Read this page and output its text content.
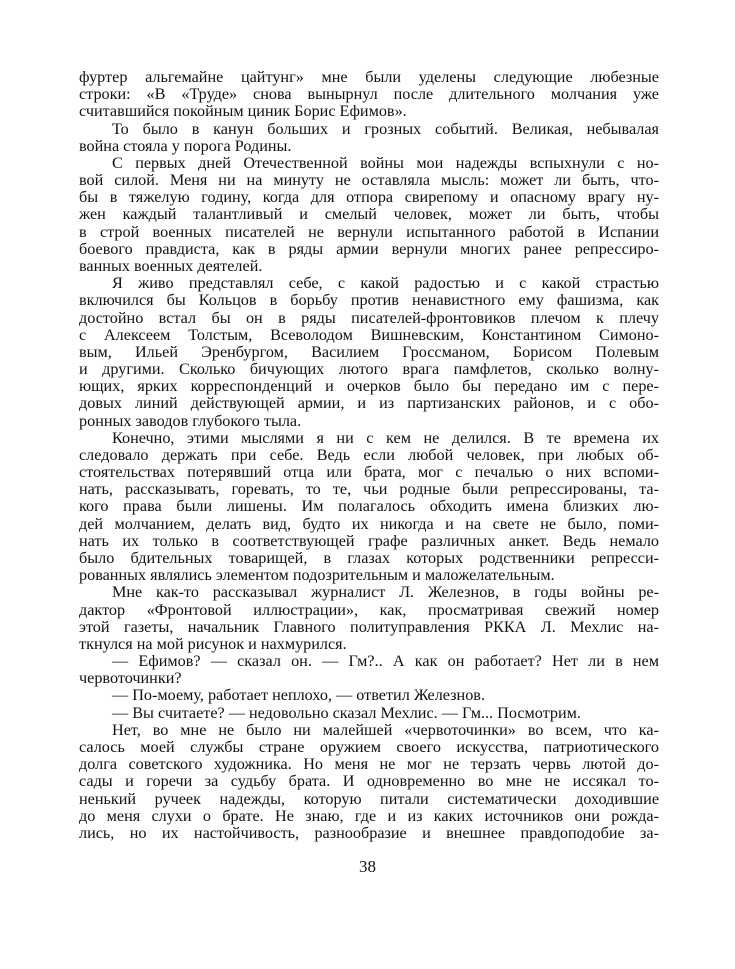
фуртер альгемайне цайтунг» мне были уделены следующие любезные
строки: «В «Труде» снова вынырнул после длительного молчания уже
считавшийся покойным циник Борис Ефимов».
То было в канун больших и грозных событий. Великая, небывалая
война стояла у порога Родины.
С первых дней Отечественной войны мои надежды вспыхнули с но-
вой силой. Меня ни на минуту не оставляла мысль: может ли быть, что-
бы в тяжелую годину, когда для отпора свирепому и опасному врагу ну-
жен каждый талантливый и смелый человек, может ли быть, чтобы
в строй военных писателей не вернули испытанного работой в Испании
боевого правдиста, как в ряды армии вернули многих ранее репрессиро-
ванных военных деятелей.
Я живо представлял себе, с какой радостью и с какой страстью
включился бы Кольцов в борьбу против ненавистного ему фашизма, как
достойно встал бы он в ряды писателей-фронтовиков плечом к плечу
с Алексеем Толстым, Всеволодом Вишневским, Константином Симоно-
вым, Ильей Эренбургом, Василием Гроссманом, Борисом Полевым
и другими. Сколько бичующих лютого врага памфлетов, сколько волну-
ющих, ярких корреспонденций и очерков было бы передано им с пере-
довых линий действующей армии, и из партизанских районов, и с обо-
ронных заводов глубокого тыла.
Конечно, этими мыслями я ни с кем не делился. В те времена их
следовало держать при себе. Ведь если любой человек, при любых об-
стоятельствах потерявший отца или брата, мог с печалью о них вспоми-
нать, рассказывать, горевать, то те, чьи родные были репрессированы, та-
кого права были лишены. Им полагалось обходить имена близких лю-
дей молчанием, делать вид, будто их никогда и на свете не было, поми-
нать их только в соответствующей графе различных анкет. Ведь немало
было бдительных товарищей, в глазах которых родственники репресси-
рованных являлись элементом подозрительным и маложелательным.
Мне как-то рассказывал журналист Л. Железнов, в годы войны ре-
дактор «Фронтовой иллюстрации», как, просматривая свежий номер
этой газеты, начальник Главного политуправления РККА Л. Мехлис на-
ткнулся на мой рисунок и нахмурился.
— Ефимов? — сказал он. — Гм?.. А как он работает? Нет ли в нем
червоточинки?
— По-моему, работает неплохо, — ответил Железнов.
— Вы считаете? — недовольно сказал Мехлис. — Гм... Посмотрим.
Нет, во мне не было ни малейшей «червоточинки» во всем, что ка-
салось моей службы стране оружием своего искусства, патриотического
долга советского художника. Но меня не мог не терзать червь лютой до-
сады и горечи за судьбу брата. И одновременно во мне не иссякал то-
ненький ручеек надежды, которую питали систематически доходившие
до меня слухи о брате. Не знаю, где и из каких источников они рожда-
лись, но их настойчивость, разнообразие и внешнее правдоподобие за-
38
